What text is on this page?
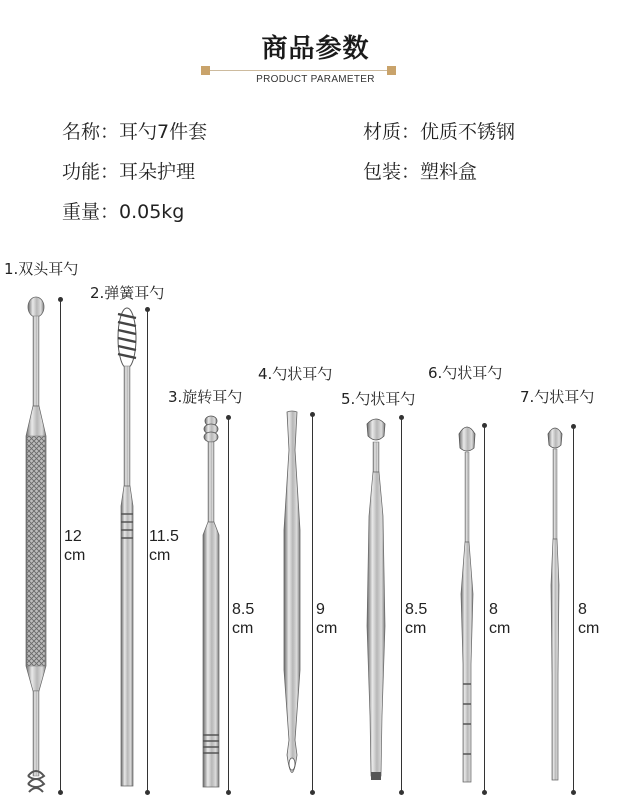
商品参数
PRODUCT PARAMETER
名称：耳勺7件套	材质：优质不锈钢
功能：耳朵护理	包装：塑料盒
重量：0.05kg
1.双头耳勺
2.弹簧耳勺
3.旋转耳勺
4.勺状耳勺
5.勺状耳勺
6.勺状耳勺
7.勺状耳勺
12
cm
11.5
cm
8.5
cm
9
cm
8.5
cm
8
cm
8
cm
